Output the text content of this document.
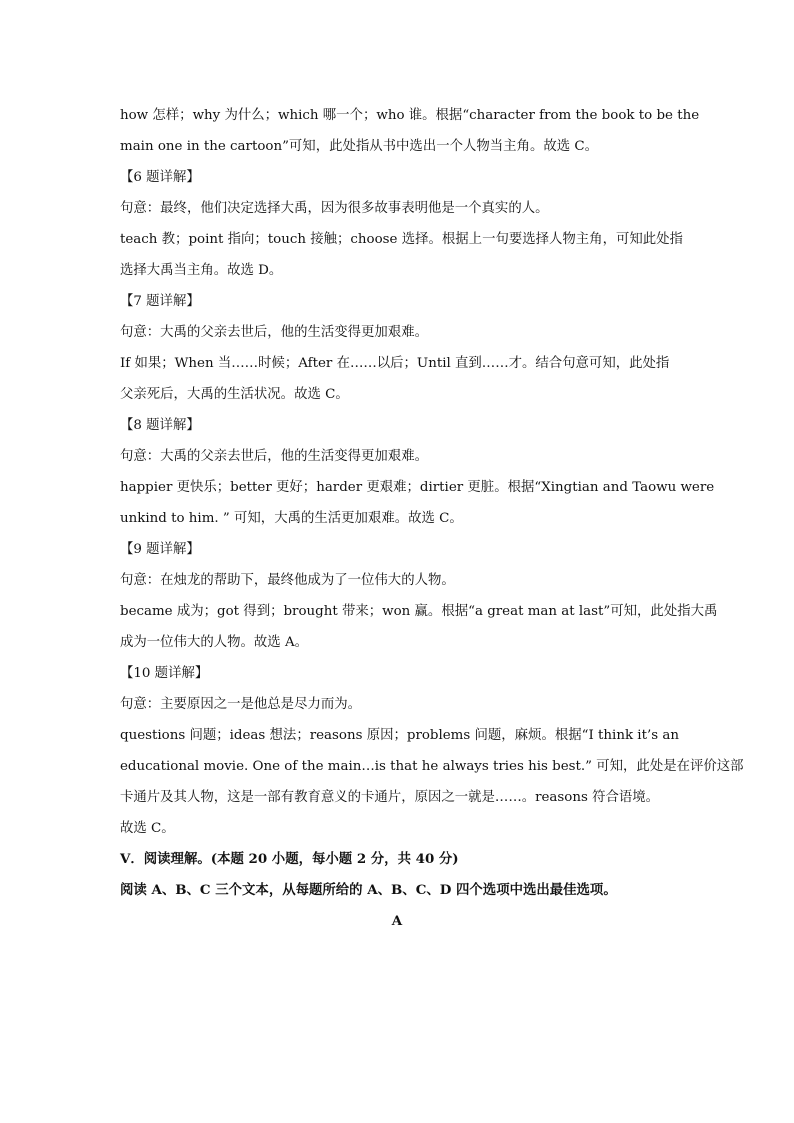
how 怎样；why 为什么；which 哪一个；who 谁。根据“character from the book to be the
main one in the cartoon”可知，此处指从书中选出一个人物当主角。故选 C。
【6 题详解】
句意：最终，他们决定选择大禹，因为很多故事表明他是一个真实的人。
teach 教；point 指向；touch 接触；choose 选择。根据上一句要选择人物主角，可知此处指
选择大禹当主角。故选 D。
【7 题详解】
句意：大禹的父亲去世后，他的生活变得更加艰难。
If 如果；When 当……时候；After 在……以后；Until 直到……才。结合句意可知，此处指
父亲死后，大禹的生活状况。故选 C。
【8 题详解】
句意：大禹的父亲去世后，他的生活变得更加艰难。
happier 更快乐；better 更好；harder 更艰难；dirtier 更脏。根据“Xingtian and Taowu were
unkind to him. ” 可知，大禹的生活更加艰难。故选 C。
【9 题详解】
句意：在烛龙的帮助下，最终他成为了一位伟大的人物。
became 成为；got 得到；brought 带来；won 赢。根据“a great man at last”可知，此处指大禹
成为一位伟大的人物。故选 A。
【10 题详解】
句意：主要原因之一是他总是尽力而为。
questions 问题；ideas 想法；reasons 原因；problems 问题，麻烦。根据“I think it’s an
educational movie. One of the main…is that he always tries his best.” 可知，此处是在评价这部
卡通片及其人物，这是一部有教育意义的卡通片，原因之一就是……。reasons 符合语境。
故选 C。
V．阅读理解。(本题 20 小题，每小题 2 分，共 40 分)
阅读 A、B、C 三个文本，从每题所给的 A、B、C、D 四个选项中选出最佳选项。
A
